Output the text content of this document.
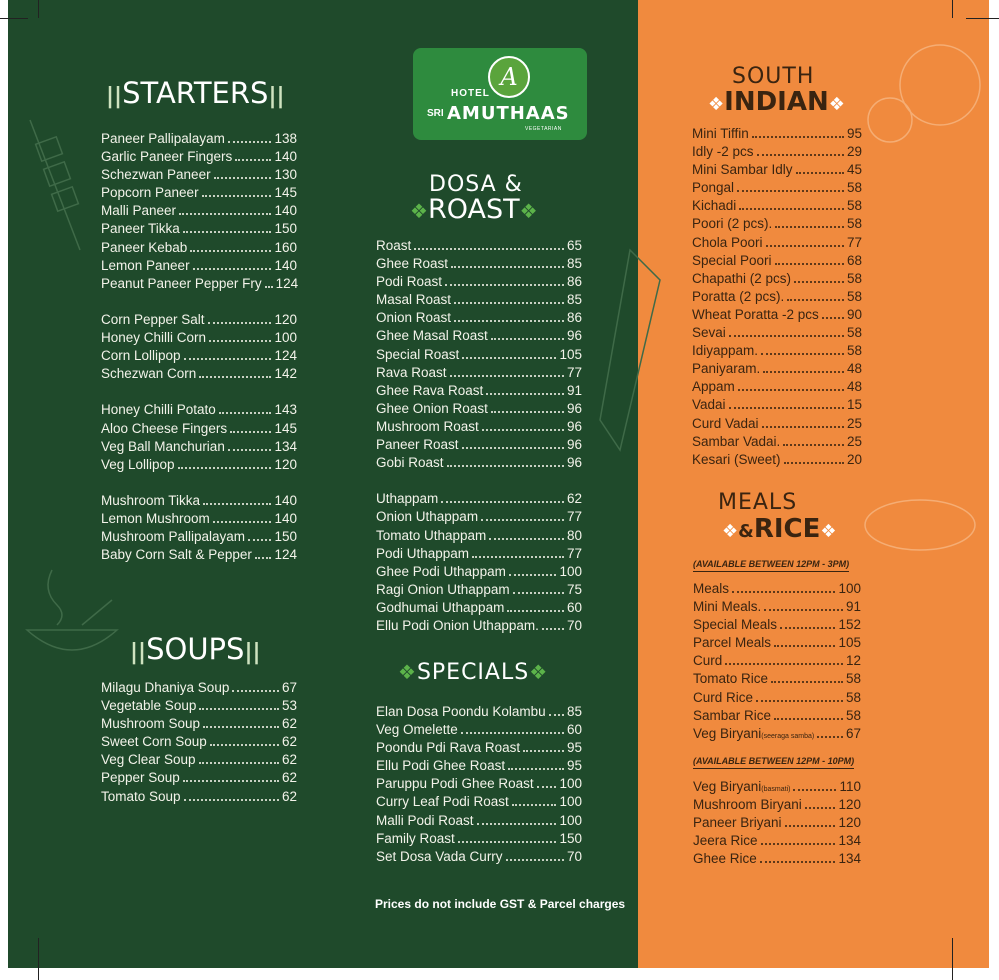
||STARTERS||
Paneer Pallipalayam	138
Garlic Paneer Fingers	140
Schezwan Paneer	130
Popcorn Paneer	145
Malli Paneer	140
Paneer Tikka	150
Paneer Kebab	160
Lemon Paneer	140
Peanut Paneer Pepper Fry 124
Corn Pepper Salt	120
Honey Chilli Corn	100
Corn Lollipop	124
Schezwan Corn	142
Honey Chilli Potato	143
Aloo Cheese Fingers	145
Veg Ball Manchurian	134
Veg Lollipop	120
Mushroom Tikka	140
Lemon Mushroom	140
Mushroom Pallipalayam 150
Baby Corn Salt & Pepper 124
||SOUPS||
Milagu Dhaniya Soup	67
Vegetable Soup	53
Mushroom Soup	62
Sweet Corn Soup	62
Veg Clear Soup	62
Pepper Soup	62
Tomato Soup	62
A
HOTEL
SRI AMUTHAAS
VEGETARIAN
DOSA &
❖ROAST❖
Roast	65
Ghee Roast	85
Podi Roast	86
Masal Roast	85
Onion Roast	86
Ghee Masal Roast	96
Special Roast	105
Rava Roast	77
Ghee Rava Roast	91
Ghee Onion Roast	96
Mushroom Roast	96
Paneer Roast	96
Gobi Roast	96
Uthappam	62
Onion Uthappam	77
Tomato Uthappam	80
Podi Uthappam	77
Ghee Podi Uthappam	100
Ragi Onion Uthappam	75
Godhumai Uthappam	60
Ellu Podi Onion Uthappam. 70
❖SPECIALS❖
Elan Dosa Poondu Kolambu 85
Veg Omelette	60
Poondu Pdi Rava Roast	95
Ellu Podi Ghee Roast	95
Paruppu Podi Ghee Roast 100
Curry Leaf Podi Roast	100
Malli Podi Roast	100
Family Roast	150
Set Dosa Vada Curry	70
Prices do not include GST & Parcel charges
SOUTH
❖INDIAN❖
Mini Tiffin	95
Idly -2 pcs	29
Mini Sambar Idly	45
Pongal	58
Kichadi	58
Poori (2 pcs).	58
Chola Poori	77
Special Poori	68
Chapathi (2 pcs)	58
Poratta (2 pcs).	58
Wheat Poratta -2 pcs 90
Sevai	58
Idiyappam.	58
Paniyaram.	48
Appam	48
Vadai	15
Curd Vadai	25
Sambar Vadai.	25
Kesari (Sweet)	20
MEALS
❖&RICE❖
(AVAILABLE BETWEEN 12PM - 3PM)
Meals	100
Mini Meals.	91
Special Meals	152
Parcel Meals	105
Curd	12
Tomato Rice	58
Curd Rice	58
Sambar Rice	58
Veg Biryani (seeraga samba) 67
(AVAILABLE BETWEEN 12PM - 10PM)
Veg Biryani (basmati)	110
Mushroom Biryani	120
Paneer Briyani	120
Jeera Rice	134
Ghee Rice	134
